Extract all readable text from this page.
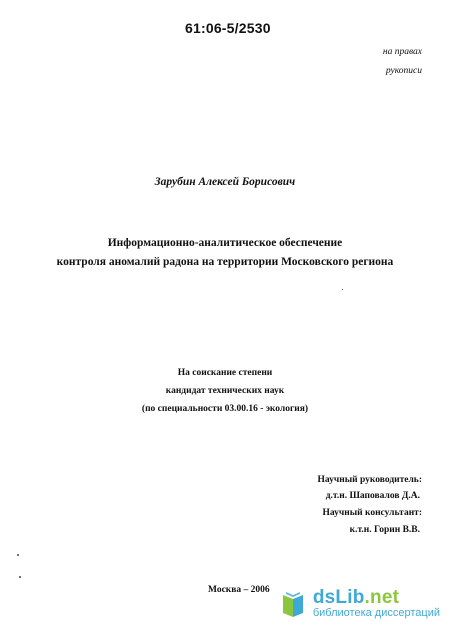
61:06-5/2530
на правах
рукописи
Зарубин Алексей Борисович
Информационно-аналитическое обеспечение
контроля аномалий радона на территории Московского региона
На соискание степени
кандидат технических наук
(по специальности 03.00.16 - экология)
Научный руководитель:
д.т.н. Шаповалов Д.А.
Научный консультант:
к.т.н. Горин В.В.
Москва – 2006 dsLib.net
библиотека диссертаций
